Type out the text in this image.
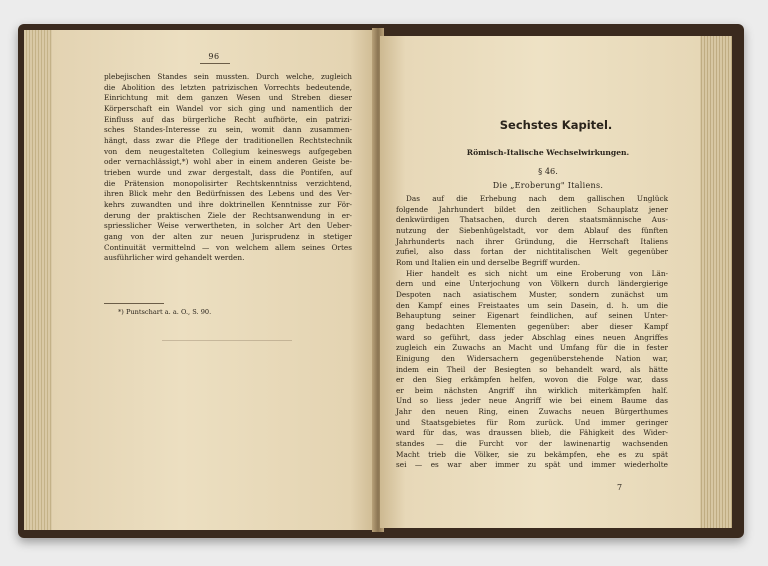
96
plebejischen Standes sein mussten. Durch welche, zugleich
die Abolition des letzten patrizischen Vorrechts bedeutende,
Einrichtung mit dem ganzen Wesen und Streben dieser
Körperschaft ein Wandel vor sich ging und namentlich der
Einfluss auf das bürgerliche Recht aufhörte, ein patrizi-
sches Standes-Interesse zu sein, womit dann zusammen-
hängt, dass zwar die Pflege der traditionellen Rechtstechnik
von dem neugestalteten Collegium keineswegs aufgegeben
oder vernachlässigt,*) wohl aber in einem anderen Geiste be-
trieben wurde und zwar dergestalt, dass die Pontifen, auf
die Prätension monopolisirter Rechtskenntniss verzichtend,
ihren Blick mehr den Bedürfnissen des Lebens und des Ver-
kehrs zuwandten und ihre doktrinellen Kenntnisse zur För-
derung der praktischen Ziele der Rechtsanwendung in er-
spriesslicher Weise verwertheten, in solcher Art den Ueber-
gang von der alten zur neuen Jurisprudenz in stetiger
Continuität vermittelnd — von welchem allem seines Ortes
ausführlicher wird gehandelt werden.
*) Puntschart a. a. O., S. 90.
Sechstes Kapitel.
Römisch-Italische Wechselwirkungen.
§ 46.
Die „Eroberung" Italiens.
Das auf die Erhebung nach dem gallischen Unglück
folgende Jahrhundert bildet den zeitlichen Schauplatz jener
denkwürdigen Thatsachen, durch deren staatsmännische Aus-
nutzung der Siebenhügelstadt, vor dem Ablauf des fünften
Jahrhunderts nach ihrer Gründung, die Herrschaft Italiens
zufiel, also dass fortan der nichtitalischen Welt gegenüber
Rom und Italien ein und derselbe Begriff wurden.
Hier handelt es sich nicht um eine Eroberung von Län-
dern und eine Unterjochung von Völkern durch ländergierige
Despoten nach asiatischem Muster, sondern zunächst um
den Kampf eines Freistaates um sein Dasein, d. h. um die
Behauptung seiner Eigenart feindlichen, auf seinen Unter-
gang bedachten Elementen gegenüber: aber dieser Kampf
ward so geführt, dass jeder Abschlag eines neuen Angriffes
zugleich ein Zuwachs an Macht und Umfang für die in fester
Einigung den Widersachern gegenüberstehende Nation war,
indem ein Theil der Besiegten so behandelt ward, als hätte
er den Sieg erkämpfen helfen, wovon die Folge war, dass
er beim nächsten Angriff ihn wirklich miterkämpfen half.
Und so liess jeder neue Angriff wie bei einem Baume das
Jahr den neuen Ring, einen Zuwachs neuen Bürgerthumes
und Staatsgebietes für Rom zurück. Und immer geringer
ward für das, was draussen blieb, die Fähigkeit des Wider-
standes — die Furcht vor der lawinenartig wachsenden
Macht trieb die Völker, sie zu bekämpfen, ehe es zu spät
sei — es war aber immer zu spät und immer wiederholte
7
